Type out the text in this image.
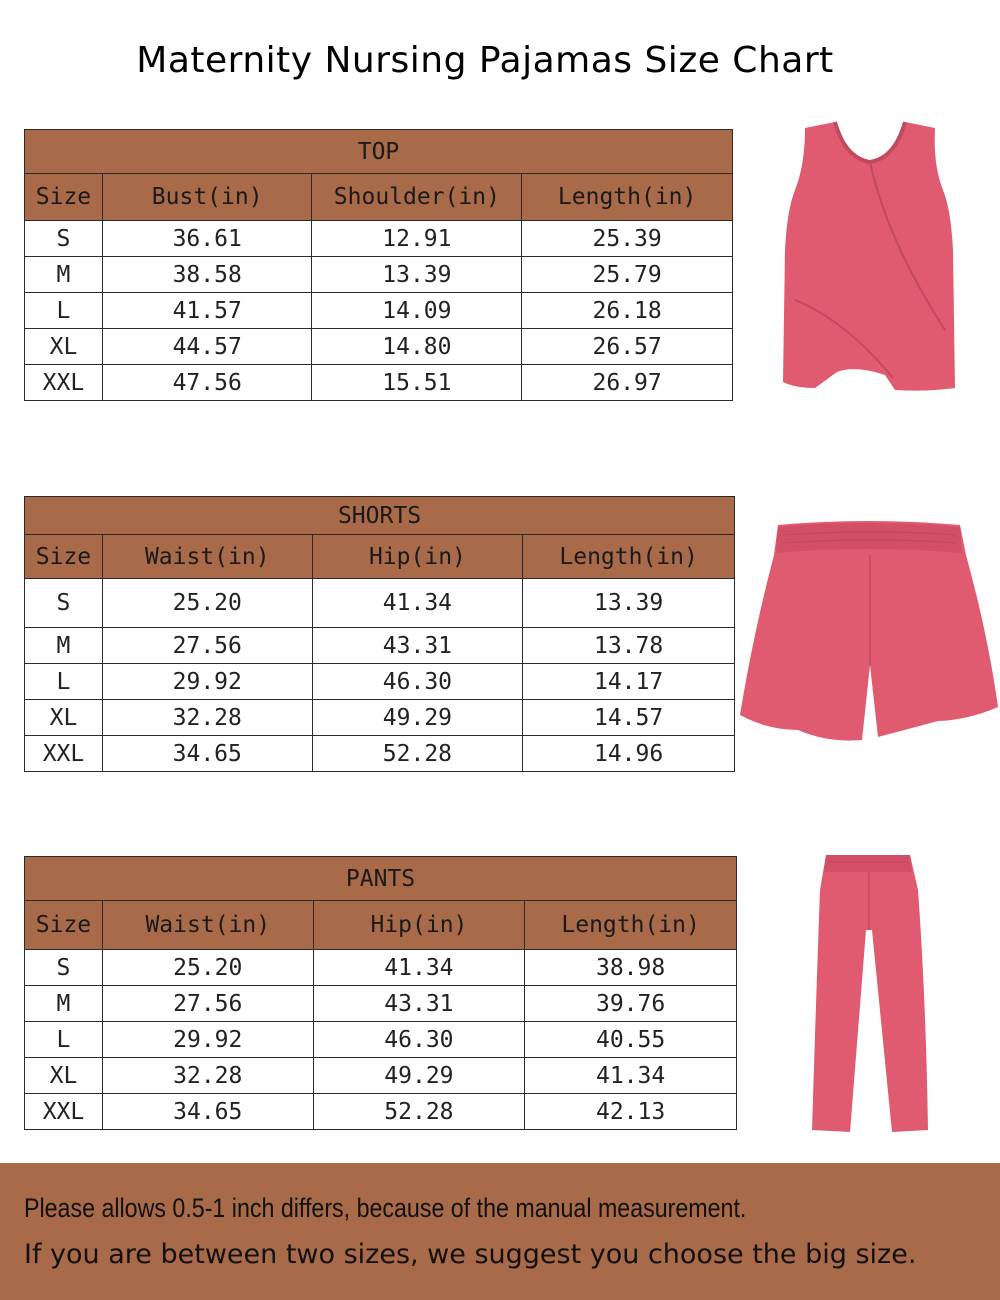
Maternity Nursing Pajamas Size Chart
TOP			
Size	Bust(in)	Shoulder(in)	Length(in)
S	36.61	12.91	25.39
M	38.58	13.39	25.79
L	41.57	14.09	26.18
XL	44.57	14.80	26.57
XXL	47.56	15.51	26.97
SHORTS			
Size	Waist(in)	Hip(in)	Length(in)
S	25.20	41.34	13.39
M	27.56	43.31	13.78
L	29.92	46.30	14.17
XL	32.28	49.29	14.57
XXL	34.65	52.28	14.96
PANTS			
Size	Waist(in)	Hip(in)	Length(in)
S	25.20	41.34	38.98
M	27.56	43.31	39.76
L	29.92	46.30	40.55
XL	32.28	49.29	41.34
XXL	34.65	52.28	42.13
Please allows 0.5-1 inch differs, because of the manual measurement.
If you are between two sizes, we suggest you choose the big size.
